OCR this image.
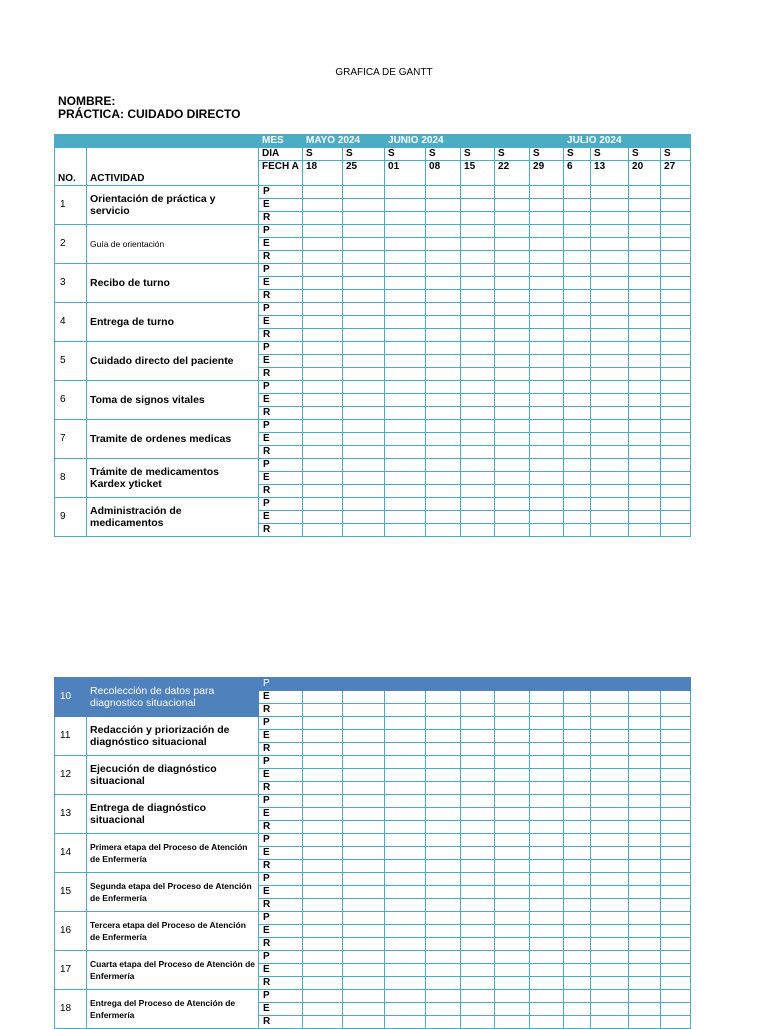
GRAFICA DE GANTT
NOMBRE:
PRÁCTICA: CUIDADO DIRECTO
		MES	MAYO 2024		JUNIO 2024					JULIO 2024			
NO.	ACTIVIDAD	DÍA	S	S	S	S	S	S	S	S	S	S	S
		FECH A	18	25	01	08	15	22	29	6	13	20	27
1	Orientación de práctica y servicio	P											
		E											
		R											
2	Guía de orientación	P											
		E											
		R											
3	Recibo de turno	P											
		E											
		R											
4	Entrega de turno	P											
		E											
		R											
5	Cuidado directo del paciente	P											
		E											
		R											
6	Toma de signos vitales	P											
		E											
		R											
7	Tramite de ordenes medicas	P											
		E											
		R											
8	Trámite de medicamentos Kardex yticket	P											
		E											
		R											
9	Administración de medicamentos	P											
		E											
		R											
10	Recolección de datos para diagnostico situacional	P											
		E											
		R											
11	Redacción y priorización de diagnóstico situacional	P											
		E											
		R											
12	Ejecución de diagnóstico situacional	P											
		E											
		R											
13	Entrega de diagnóstico situacional	P											
		E											
		R											
14	Primera etapa del Proceso de Atención de Enfermería	P											
		E											
		R											
15	Segunda etapa del Proceso de Atención de Enfermería	P											
		E											
		R											
16	Tercera etapa del Proceso de Atención de Enfermería	P											
		E											
		R											
17	Cuarta etapa del Proceso de Atención de Enfermería	P											
		E											
		R											
18	Entrega del Proceso de Atención de Enfermería	P											
		E											
		R											
